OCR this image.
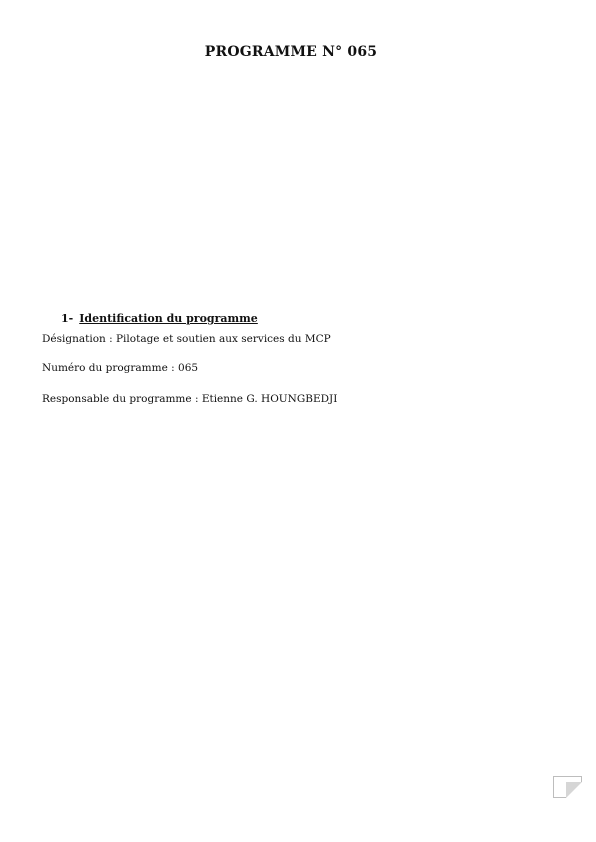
PROGRAMME N° 065
1- Identification du programme
Désignation : Pilotage et soutien aux services du MCP
Numéro du programme : 065
Responsable du programme : Etienne G. HOUNGBEDJI
1
